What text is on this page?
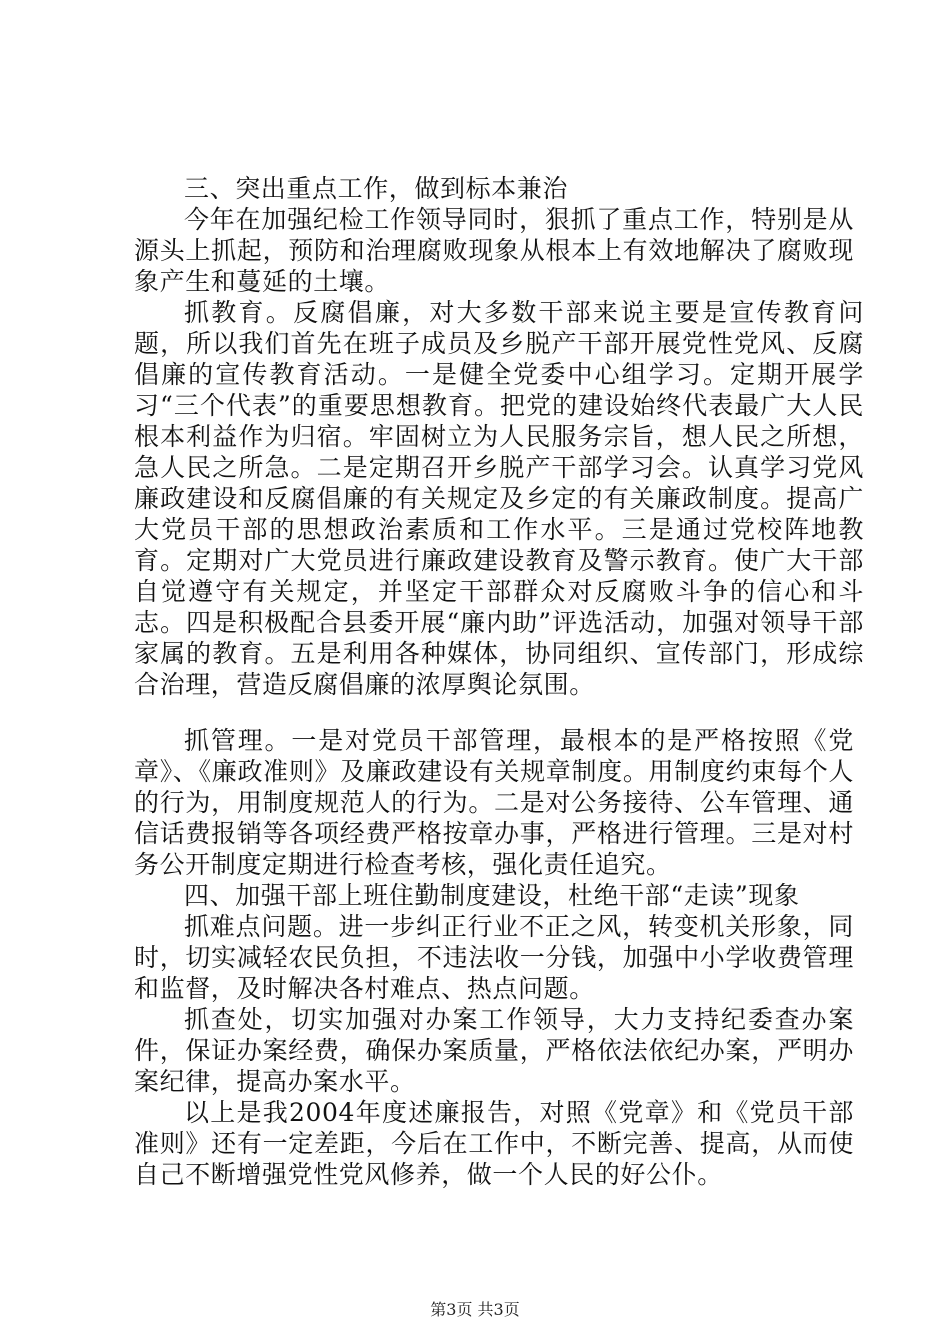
三、突出重点工作，做到标本兼治

今年在加强纪检工作领导同时，狠抓了重点工作，特别是从源头上抓起，预防和治理腐败现象从根本上有效地解决了腐败现象产生和蔓延的土壤。

抓教育。反腐倡廉，对大多数干部来说主要是宣传教育问题，所以我们首先在班子成员及乡脱产干部开展党性党风、反腐倡廉的宣传教育活动。一是健全党委中心组学习。定期开展学习“三个代表”的重要思想教育。把党的建设始终代表最广大人民根本利益作为归宿。牢固树立为人民服务宗旨，想人民之所想，急人民之所急。二是定期召开乡脱产干部学习会。认真学习党风廉政建设和反腐倡廉的有关规定及乡定的有关廉政制度。提高广大党员干部的思想政治素质和工作水平。三是通过党校阵地教育。定期对广大党员进行廉政建设教育及警示教育。使广大干部自觉遵守有关规定，并坚定干部群众对反腐败斗争的信心和斗志。四是积极配合县委开展“廉内助”评选活动，加强对领导干部家属的教育。五是利用各种媒体，协同组织、宣传部门，形成综合治理，营造反腐倡廉的浓厚舆论氛围。

抓管理。一是对党员干部管理，最根本的是严格按照《党章》、《廉政准则》及廉政建设有关规章制度。用制度约束每个人的行为，用制度规范人的行为。二是对公务接待、公车管理、通信话费报销等各项经费严格按章办事，严格进行管理。三是对村务公开制度定期进行检查考核，强化责任追究。

四、加强干部上班住勤制度建设，杜绝干部“走读”现象

抓难点问题。进一步纠正行业不正之风，转变机关形象，同时，切实减轻农民负担，不违法收一分钱，加强中小学收费管理和监督，及时解决各村难点、热点问题。

抓查处，切实加强对办案工作领导，大力支持纪委查办案件，保证办案经费，确保办案质量，严格依法依纪办案，严明办案纪律，提高办案水平。

以上是我2004年度述廉报告，对照《党章》和《党员干部准则》还有一定差距，今后在工作中，不断完善、提高，从而使自己不断增强党性党风修养，做一个人民的好公仆。

第3页 共3页
